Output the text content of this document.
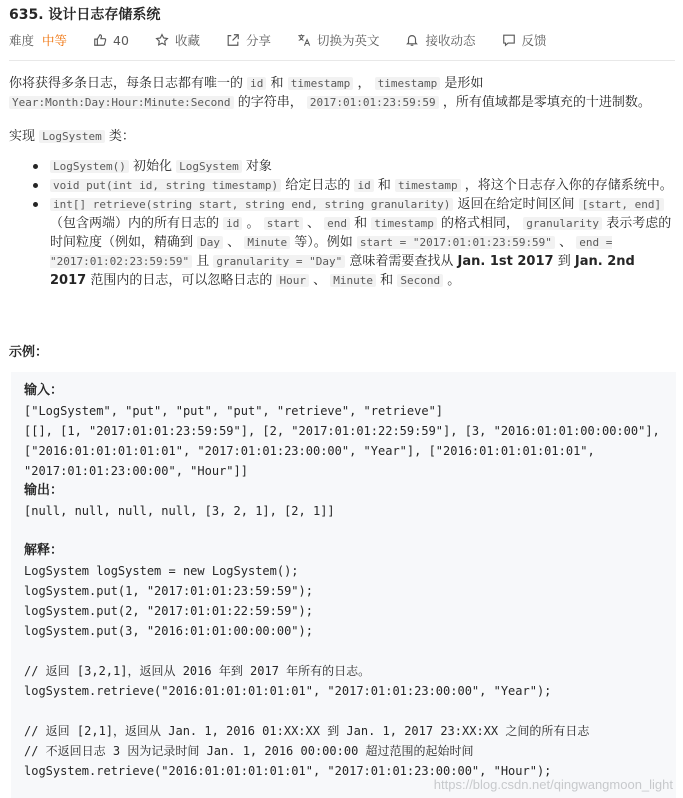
635. 设计日志存储系统
难度 中等	40	收藏	分享	切换为英文	接收动态	反馈

你将获得多条日志，每条日志都有唯一的 id 和 timestamp ， timestamp 是形如
Year:Month:Day:Hour:Minute:Second 的字符串， 2017:01:01:23:59:59 ，所有值域都是零填充的十进制数。

实现 LogSystem 类：
LogSystem() 初始化 LogSystem 对象
void put(int id, string timestamp) 给定日志的 id 和 timestamp ，将这个日志存入你的存储系统中。
int[] retrieve(string start, string end, string granularity) 返回在给定时间区间 [start, end] （包含两端）内的所有日志的 id 。 start 、 end 和 timestamp 的格式相同， granularity 表示考虑的时间粒度（例如，精确到 Day 、 Minute 等）。例如 start = "2017:01:01:23:59:59" 、 end = "2017:01:02:23:59:59" 且 granularity = "Day" 意味着需要查找从 Jan. 1st 2017 到 Jan. 2nd 2017 范围内的日志，可以忽略日志的 Hour 、 Minute 和 Second 。
示例：
输入：
["LogSystem", "put", "put", "put", "retrieve", "retrieve"]
[[], [1, "2017:01:01:23:59:59"], [2, "2017:01:01:22:59:59"], [3, "2016:01:01:00:00:00"],
["2016:01:01:01:01:01", "2017:01:01:23:00:00", "Year"], ["2016:01:01:01:01:01",
"2017:01:01:23:00:00", "Hour"]]
输出：
[null, null, null, null, [3, 2, 1], [2, 1]]
解释：
LogSystem logSystem = new LogSystem();
logSystem.put(1, "2017:01:01:23:59:59");
logSystem.put(2, "2017:01:01:22:59:59");
logSystem.put(3, "2016:01:01:00:00:00");
// 返回 [3,2,1]，返回从 2016 年到 2017 年所有的日志。
logSystem.retrieve("2016:01:01:01:01:01", "2017:01:01:23:00:00", "Year");
// 返回 [2,1]，返回从 Jan. 1, 2016 01:XX:XX 到 Jan. 1, 2017 23:XX:XX 之间的所有日志
// 不返回日志 3 因为记录时间 Jan. 1, 2016 00:00:00 超过范围的起始时间
logSystem.retrieve("2016:01:01:01:01:01", "2017:01:01:23:00:00", "Hour");
https://blog.csdn.net/qingwangmoon_light
